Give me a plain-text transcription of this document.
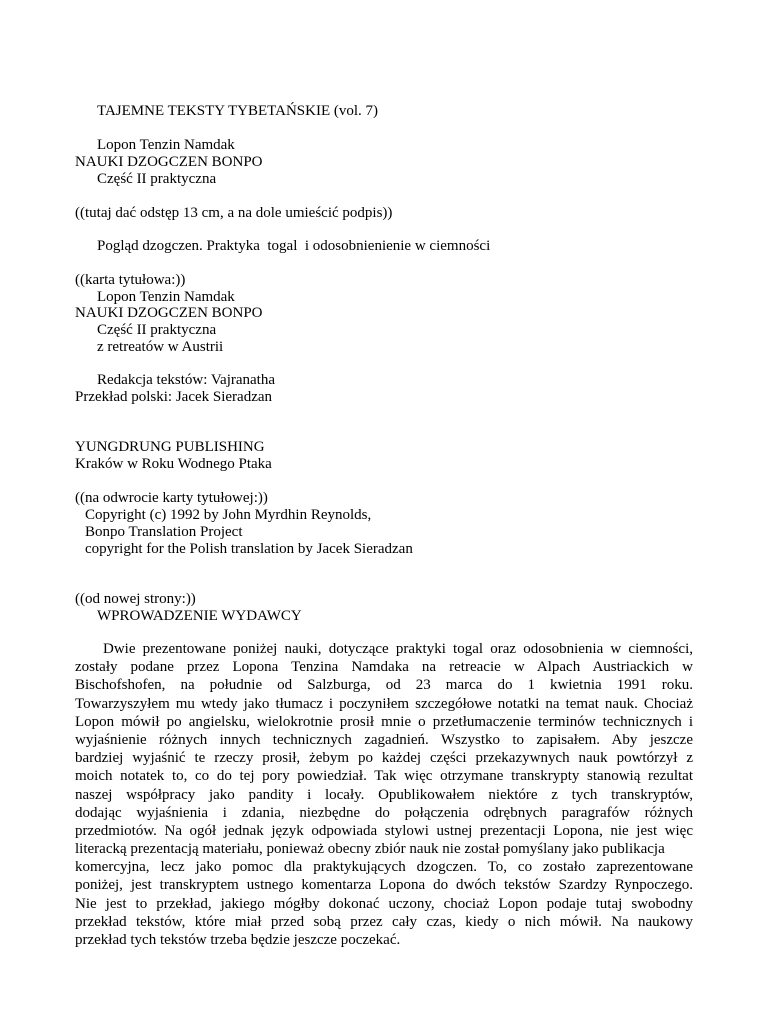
TAJEMNE TEKSTY TYBETAŃSKIE (vol. 7)

Lopon Tenzin Namdak

NAUKI DZOGCZEN BONPO

Część II praktyczna

((tutaj dać odstęp 13 cm, a na dole umieścić podpis))

Pogląd dzogczen. Praktyka  togal  i odosobnienienie w ciemności

((karta tytułowa:))

Lopon Tenzin Namdak

NAUKI DZOGCZEN BONPO

Część II praktyczna

z retreatów w Austrii

Redakcja tekstów: Vajranatha

Przekład polski: Jacek Sieradzan

YUNGDRUNG PUBLISHING

Kraków w Roku Wodnego Ptaka

((na odwrocie karty tytułowej:))

Copyright (c) 1992 by John Myrdhin Reynolds,

Bonpo Translation Project

copyright for the Polish translation by Jacek Sieradzan

((od nowej strony:))

WPROWADZENIE WYDAWCY

Dwie prezentowane poniżej nauki, dotyczące praktyki togal oraz odosobnienia w ciemności,
zostały podane przez Lopona Tenzina Namdaka na retreacie w Alpach Austriackich w
Bischofshofen, na południe od Salzburga, od 23 marca do 1 kwietnia 1991 roku.
Towarzyszyłem mu wtedy jako tłumacz i poczyniłem szczegółowe notatki na temat nauk. Chociaż
Lopon mówił po angielsku, wielokrotnie prosił mnie o przetłumaczenie terminów technicznych i
wyjaśnienie różnych innych technicznych zagadnień. Wszystko to zapisałem. Aby jeszcze
bardziej wyjaśnić te rzeczy prosił, żebym po każdej części przekazywnych nauk powtórzył z
moich notatek to, co do tej pory powiedział. Tak więc otrzymane transkrypty stanowią rezultat
naszej współpracy jako pandity i locały. Opublikowałem niektóre z tych transkryptów,
dodając wyjaśnienia i zdania, niezbędne do połączenia odrębnych paragrafów różnych
przedmiotów. Na ogół jednak język odpowiada stylowi ustnej prezentacji Lopona, nie jest więc
literacką prezentacją materiału, ponieważ obecny zbiór nauk nie został pomyślany jako publikacja
komercyjna, lecz jako pomoc dla praktykujących dzogczen. To, co zostało zaprezentowane
poniżej, jest transkryptem ustnego komentarza Lopona do dwóch tekstów Szardzy Rynpoczego.
Nie jest to przekład, jakiego mógłby dokonać uczony, chociaż Lopon podaje tutaj swobodny
przekład tekstów, które miał przed sobą przez cały czas, kiedy o nich mówił. Na naukowy
przekład tych tekstów trzeba będzie jeszcze poczekać.
